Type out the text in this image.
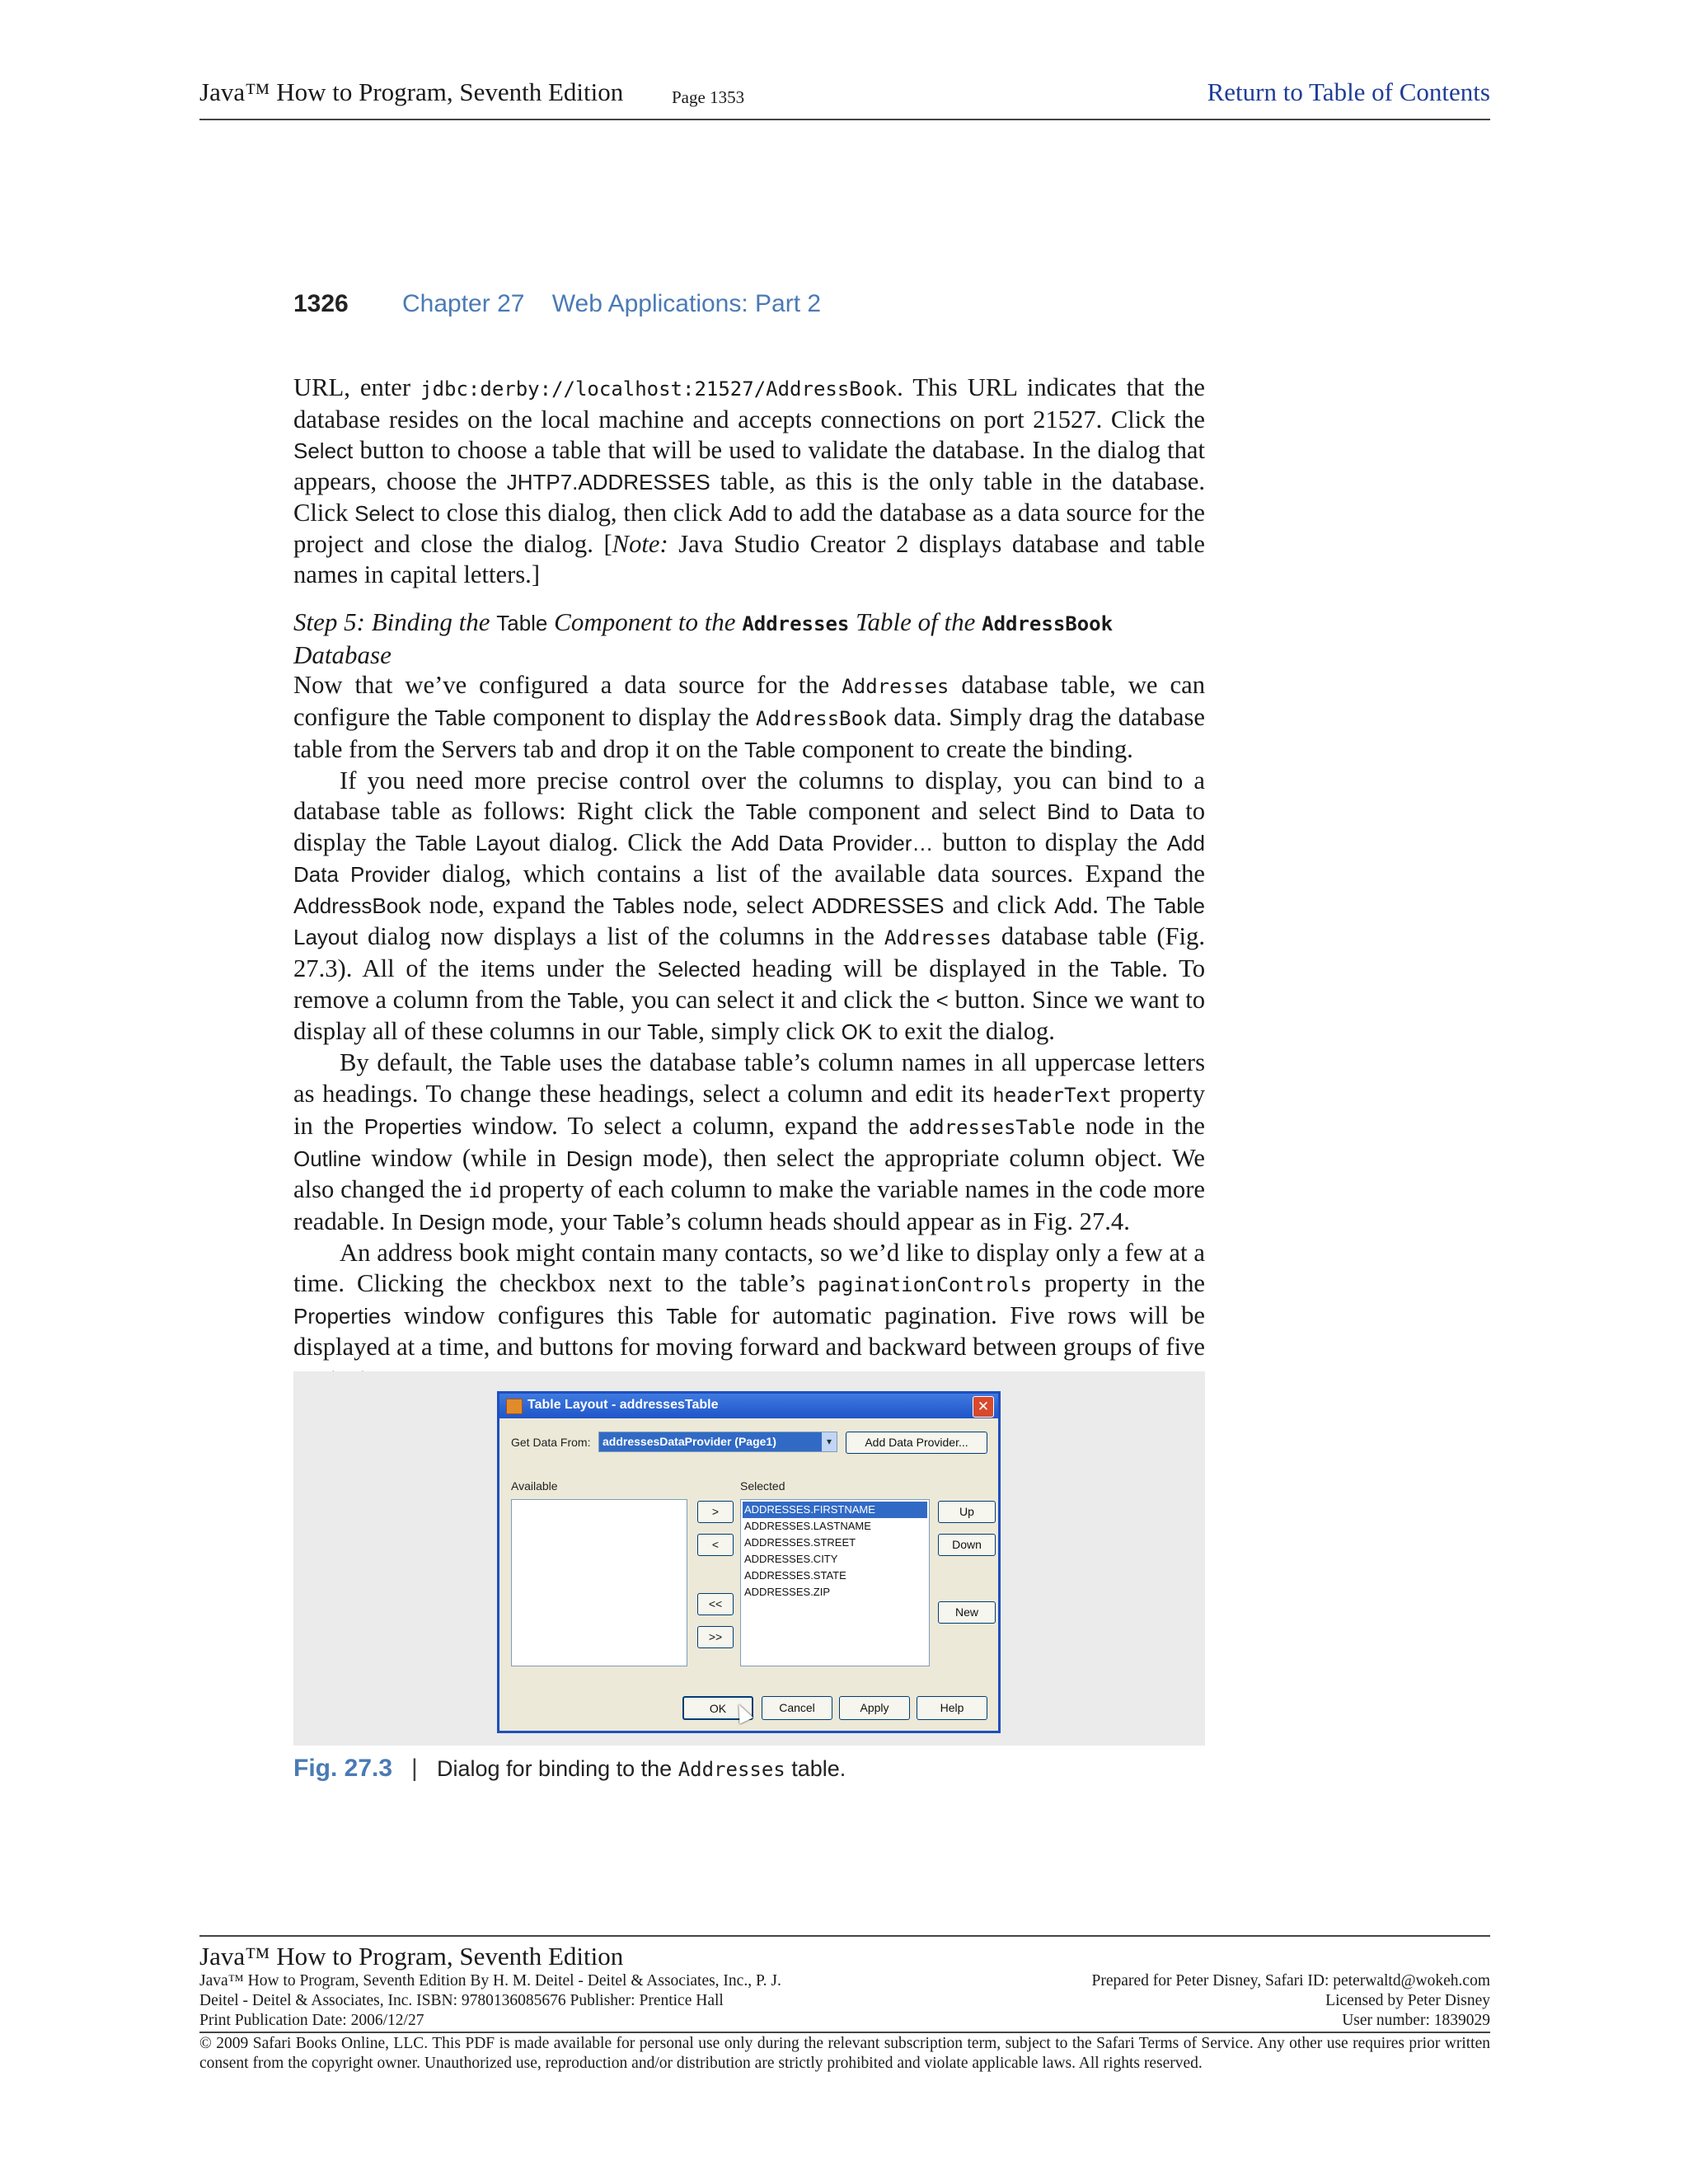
Java™ How to Program, Seventh Edition	Page 1353	Return to Table of Contents
1326 Chapter 27    Web Applications: Part 2

URL, enter jdbc:derby://localhost:21527/AddressBook. This URL indicates that the database resides on the local machine and accepts connections on port 21527. Click the Select button to choose a table that will be used to validate the database. In the dialog that appears, choose the JHTP7.ADDRESSES table, as this is the only table in the database. Click Select to close this dialog, then click Add to add the database as a data source for the project and close the dialog. [Note: Java Studio Creator 2 displays database and table names in capital letters.]

Step 5: Binding the Table Component to the Addresses Table of the AddressBook Database

Now that we’ve configured a data source for the Addresses database table, we can configure the Table component to display the AddressBook data. Simply drag the database table from the Servers tab and drop it on the Table component to create the binding.

If you need more precise control over the columns to display, you can bind to a database table as follows: Right click the Table component and select Bind to Data to display the Table Layout dialog. Click the Add Data Provider… button to display the Add Data Provider dialog, which contains a list of the available data sources. Expand the AddressBook node, expand the Tables node, select ADDRESSES and click Add. The Table Layout dialog now displays a list of the columns in the Addresses database table (Fig. 27.3). All of the items under the Selected heading will be displayed in the Table. To remove a column from the Table, you can select it and click the < button. Since we want to display all of these columns in our Table, simply click OK to exit the dialog.

By default, the Table uses the database table’s column names in all uppercase letters as headings. To change these headings, select a column and edit its headerText property in the Properties window. To select a column, expand the addressesTable node in the Outline window (while in Design mode), then select the appropriate column object. We also changed the id property of each column to make the variable names in the code more readable. In Design mode, your Table’s column heads should appear as in Fig. 27.4.

An address book might contain many contacts, so we’d like to display only a few at a time. Clicking the checkbox next to the table’s paginationControls property in the Properties window configures this Table for automatic pagination. Five rows will be displayed at a time, and buttons for moving forward and backward between groups of five

Table Layout - addressesTable	✕
Get Data From: addressesDataProvider (Page1)	▾	Add Data Provider...
Available	Selected
ADDRESSES.FIRSTNAME
ADDRESSES.LASTNAME
ADDRESSES.STREET
ADDRESSES.CITY
ADDRESSES.STATE
ADDRESSES.ZIP
>
<
<<
>>
Up
Down
New
OK	Cancel	Apply	Help
Fig. 27.3 | Dialog for binding to the Addresses table.
Java™ How to Program, Seventh Edition
Java™ How to Program, Seventh Edition By H. M. Deitel - Deitel & Associates, Inc., P. J.
Deitel - Deitel & Associates, Inc. ISBN: 9780136085676 Publisher: Prentice Hall
Print Publication Date: 2006/12/27
Prepared for Peter Disney, Safari ID: peterwaltd@wokeh.com
Licensed by Peter Disney
User number: 1839029
© 2009 Safari Books Online, LLC. This PDF is made available for personal use only during the relevant subscription term, subject to the Safari Terms of Service. Any other use requires prior written consent from the copyright owner. Unauthorized use, reproduction and/or distribution are strictly prohibited and violate applicable laws. All rights reserved.
